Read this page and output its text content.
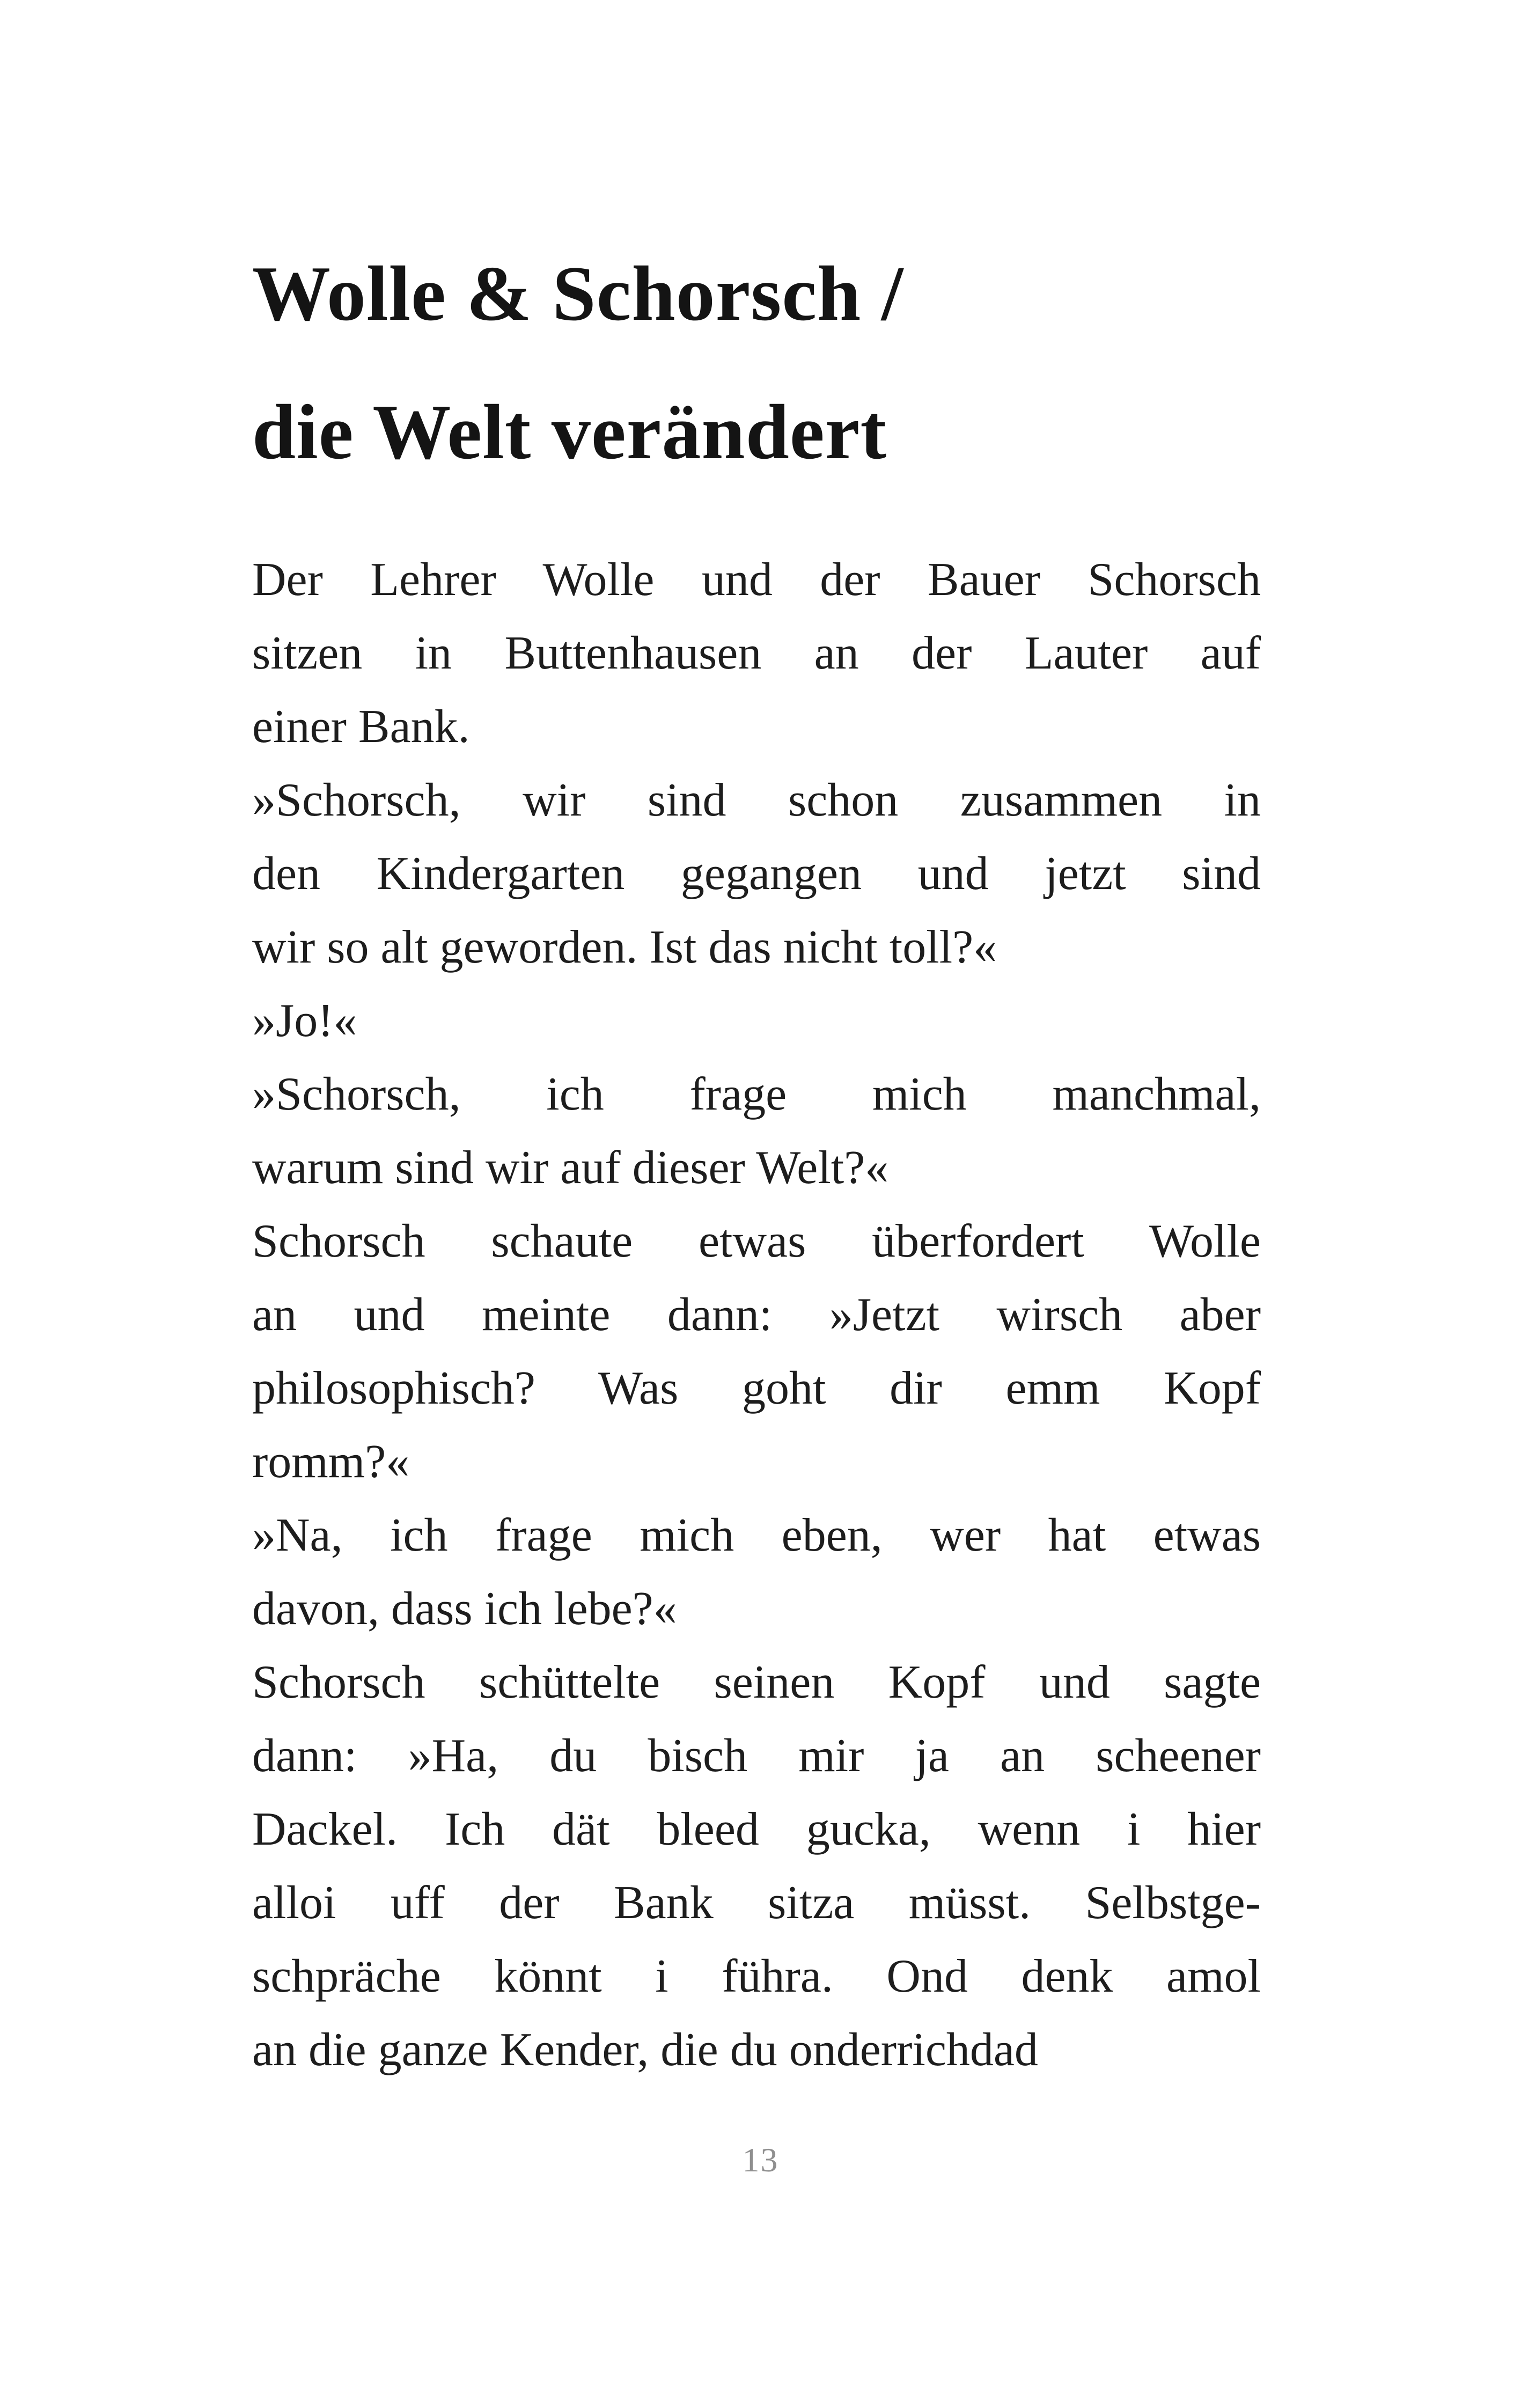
Wolle & Schorsch /
die Welt verändert

Der Lehrer Wolle und der Bauer Schorsch
sitzen in Buttenhausen an der Lauter auf
einer Bank.

»Schorsch, wir sind schon zusammen in
den Kindergarten gegangen und jetzt sind
wir so alt geworden. Ist das nicht toll?«

»Jo!«

»Schorsch, ich frage mich manchmal,
warum sind wir auf dieser Welt?«

Schorsch schaute etwas überfordert Wolle
an und meinte dann: »Jetzt wirsch aber
philosophisch? Was goht dir emm Kopf
romm?«

»Na, ich frage mich eben, wer hat etwas
davon, dass ich lebe?«

Schorsch schüttelte seinen Kopf und sagte
dann: »Ha, du bisch mir ja an scheener
Dackel. Ich dät bleed gucka, wenn i hier
alloi uff der Bank sitza müsst. Selbstge-
schpräche könnt i führa. Ond denk amol
an die ganze Kender, die du onderrichdad

13
